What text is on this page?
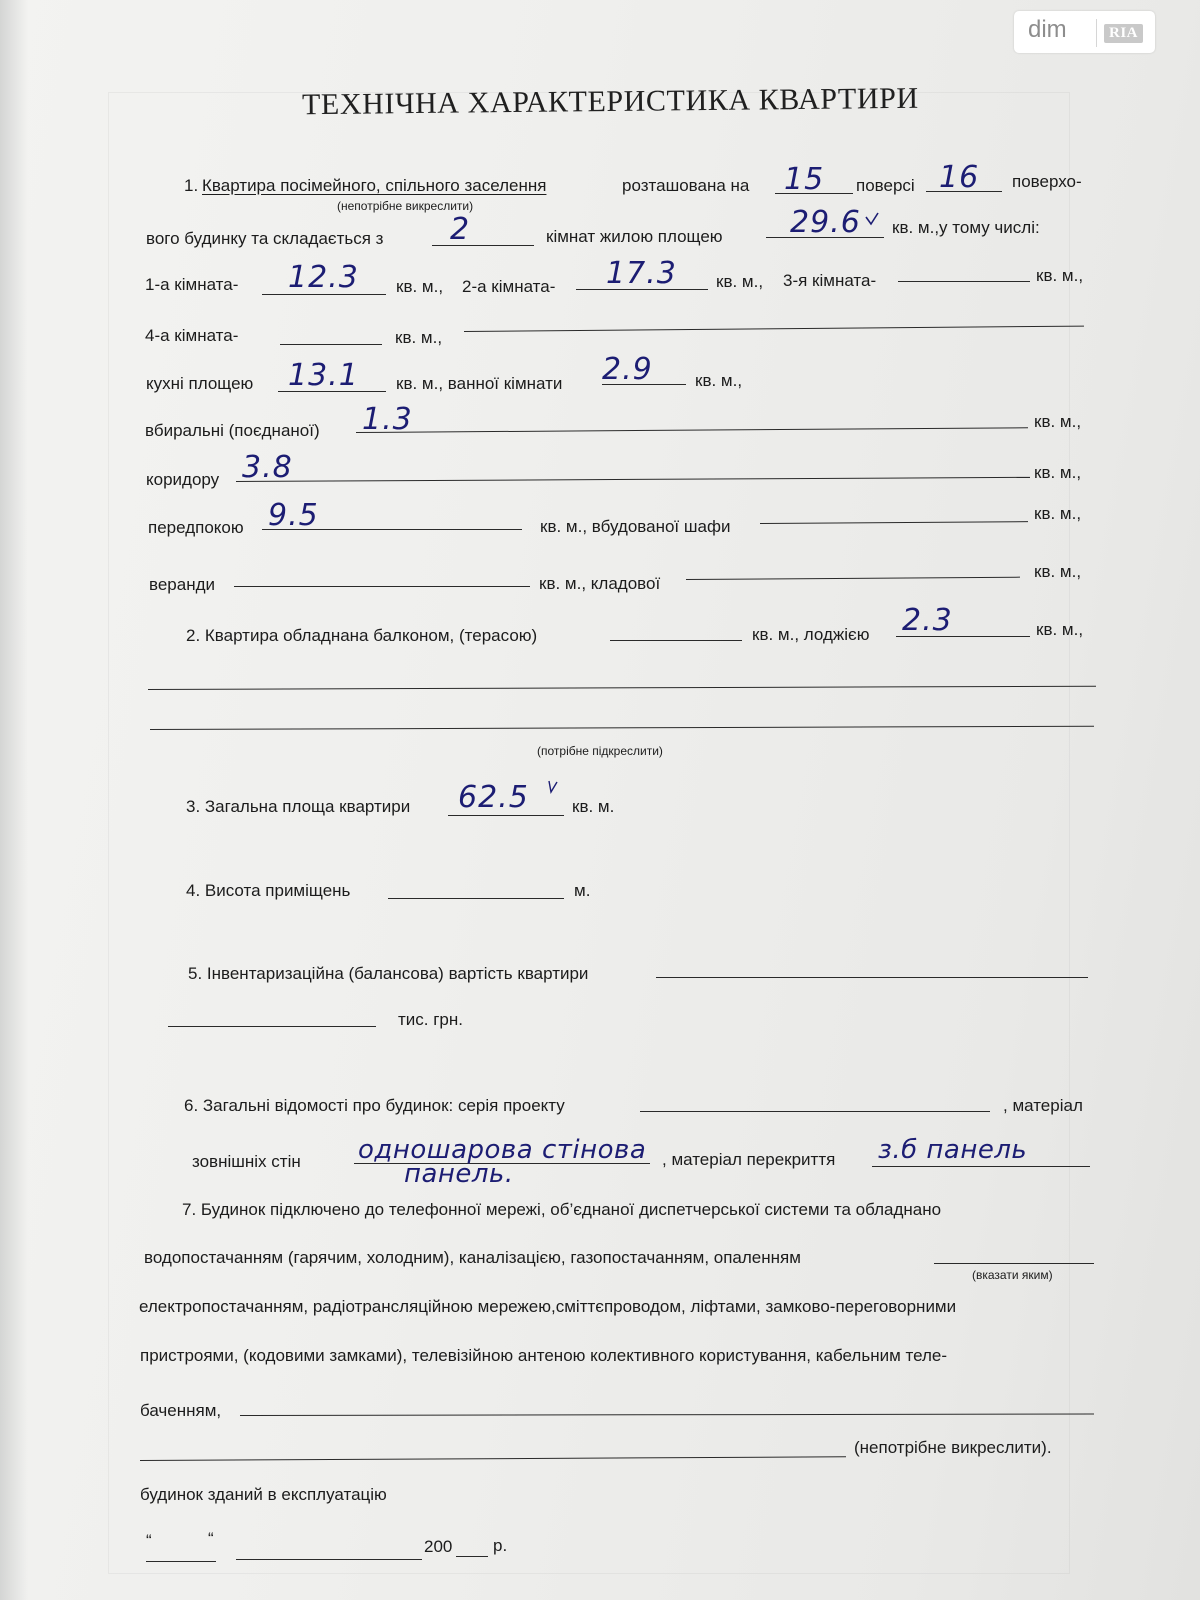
dim	RIA
ТЕХНІЧНА ХАРАКТЕРИСТИКА КВАРТИРИ
1. Квартира посімейного, спільного заселення	розташована на 15 поверсі 16 поверхо-
(непотрібне викреслити)
вого будинку та складається з 2	кімнат жилою площею 29.6 кв. м.,у тому числі:
1-а кімната- 12.3 кв. м., 2-а кімната- 17.3 кв. м., 3-я кімната-	кв. м.,
4-а кімната-	кв. м.,
кухні площею 13.1 кв. м., ванної кімнати 2.9 кв. м.,
вбиральні (поєднаної) 1.3	кв. м.,
коридору 3.8	кв. м.,
передпокою 9.5	кв. м., вбудованої шафи
кв. м.,
веранди	кв. м., кладової
кв. м.,
2. Квартира обладнана балконом, (терасою)	кв. м., лоджією 2.3	кв. м.,
(потрібне підкреслити)
3. Загальна площа квартири 62.5	кв. м.
4. Висота приміщень	м.
5. Інвентаризаційна (балансова) вартість квартири
тис. грн.
6. Загальні відомості про будинок: серія проекту	, матеріал
зовнішніх стін одношарова стінова
панель.	, матеріал перекриття з.б панель
7. Будинок підключено до телефонної мережі, об’єднаної диспетчерської системи та обладнано
водопостачанням (гарячим, холодним), каналізацією, газопостачанням, опаленням
(вказати яким)
електропостачанням, радіотрансляційною мережею,сміттєпроводом, ліфтами, замково-переговорними
пристроями, (кодовими замками), телевізійною антеною колективного користування, кабельним теле-
баченням,
(непотрібне викреслити).
будинок зданий в експлуатацію
“	“	200 р.
